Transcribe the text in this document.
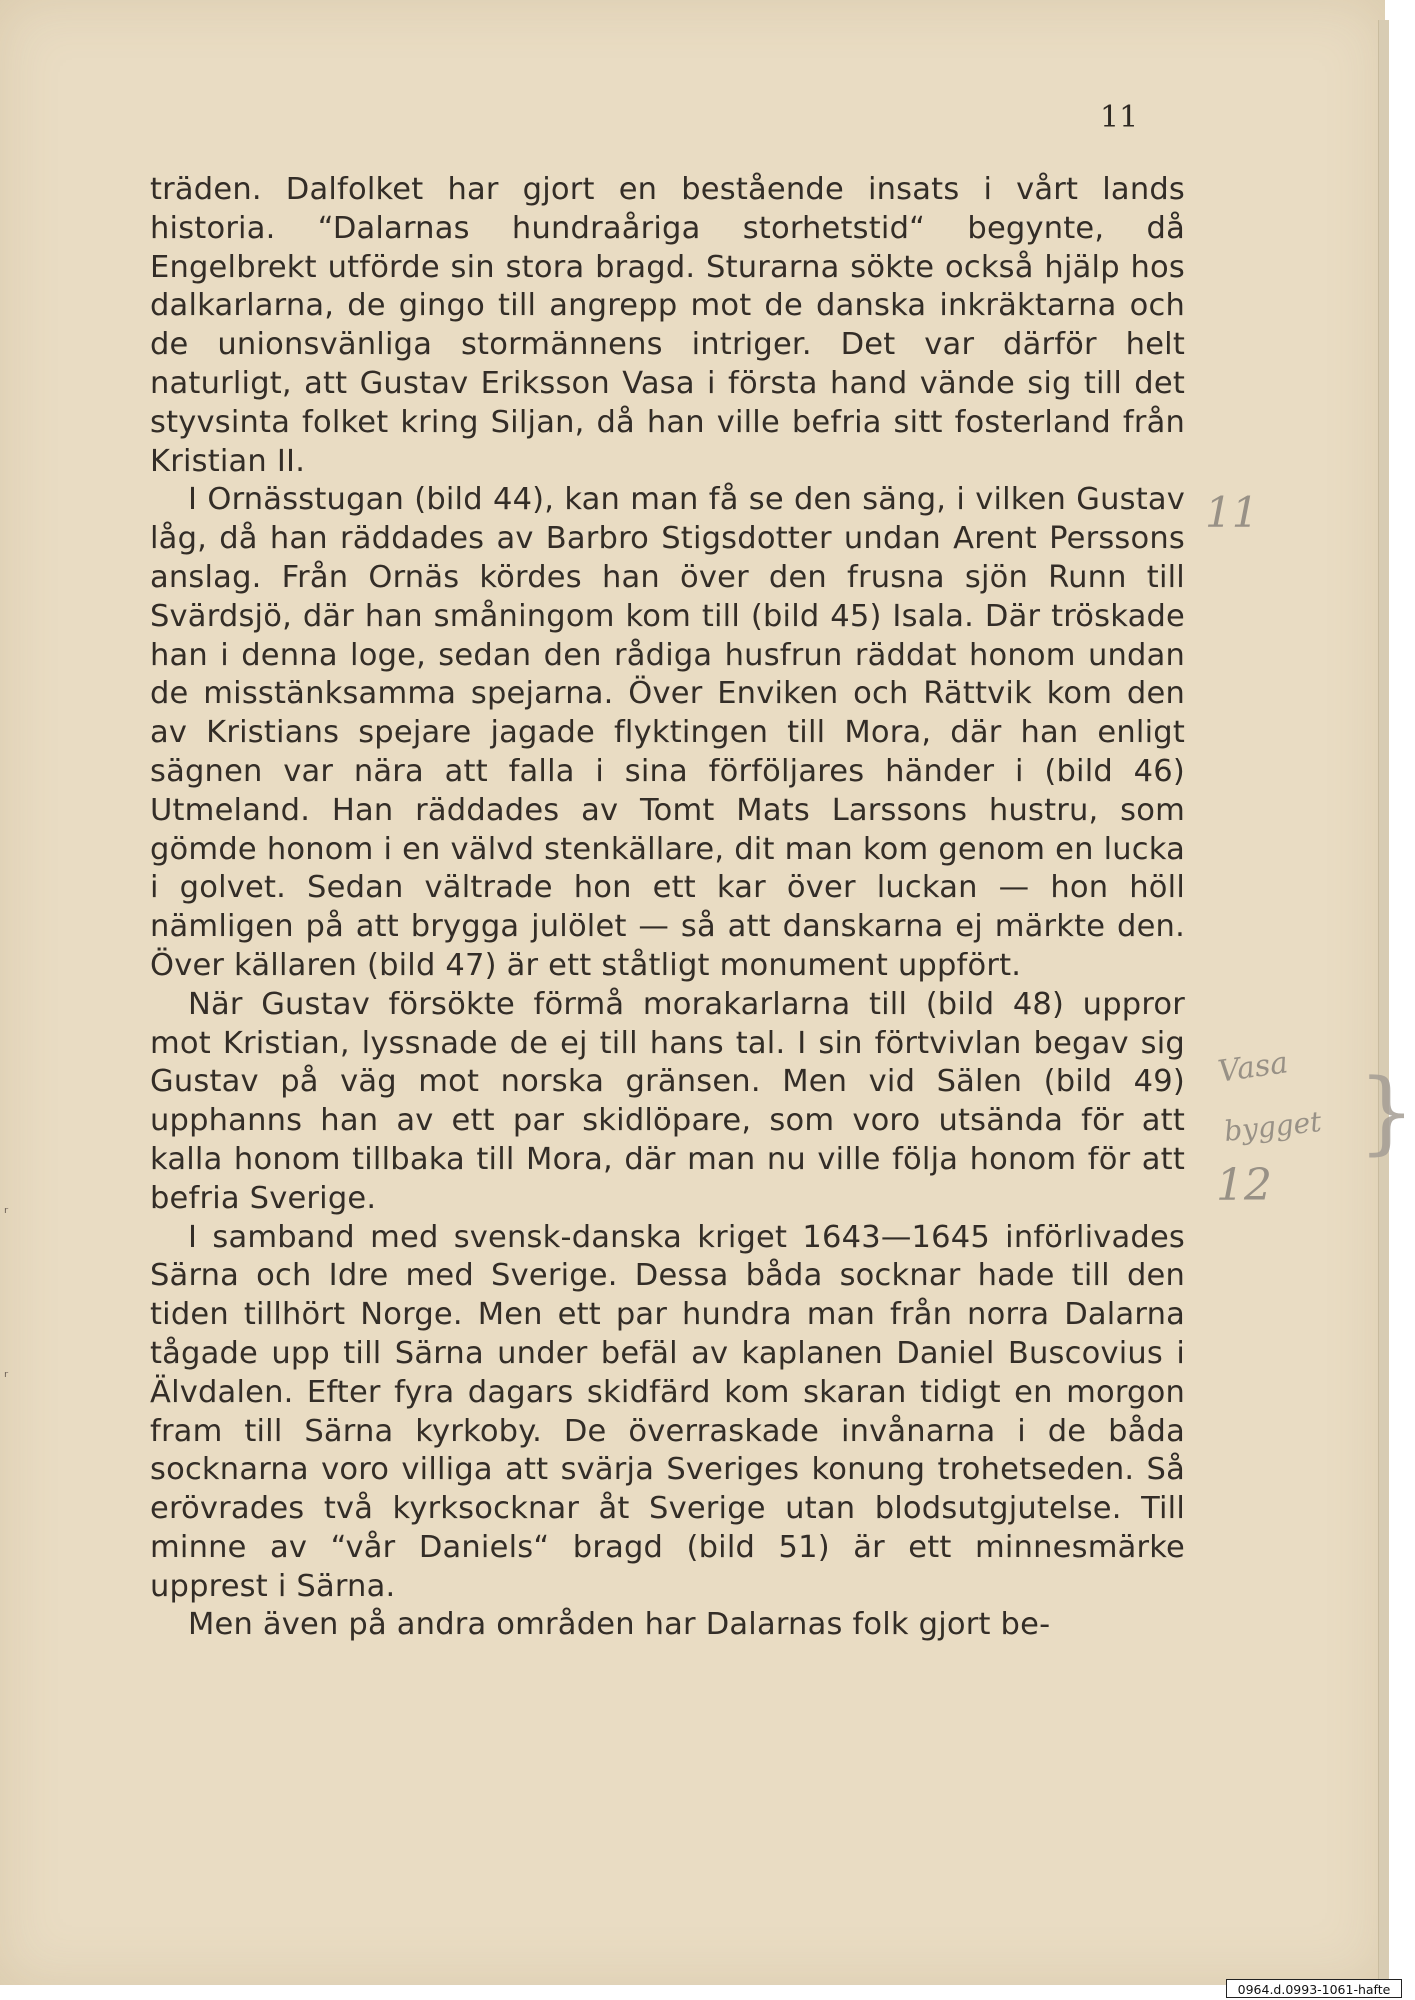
11

träden. Dalfolket har gjort en bestående insats i vårt lands historia. “Dalarnas hundraåriga storhetstid“ begynte, då Engelbrekt utförde sin stora bragd. Sturarna sökte också hjälp hos dalkarlarna, de gingo till angrepp mot de danska inkräktarna och de unionsvänliga stormännens intriger. Det var därför helt naturligt, att Gustav Eriksson Vasa i första hand vände sig till det styvsinta folket kring Siljan, då han ville befria sitt fosterland från Kristian II.

I Ornässtugan (bild 44), kan man få se den säng, i vilken Gustav låg, då han räddades av Barbro Stigsdotter undan Arent Perssons anslag. Från Ornäs kördes han över den frusna sjön Runn till Svärdsjö, där han småningom kom till (bild 45) Isala. Där tröskade han i denna loge, sedan den rådiga husfrun räddat honom undan de misstänksamma spejarna. Över Enviken och Rättvik kom den av Kristians spejare jagade flyktingen till Mora, där han enligt sägnen var nära att falla i sina förföljares händer i (bild 46) Utmeland. Han räddades av Tomt Mats Larssons hustru, som gömde honom i en välvd stenkällare, dit man kom genom en lucka i golvet. Sedan vältrade hon ett kar över luckan — hon höll nämligen på att brygga julölet — så att danskarna ej märkte den. Över källaren (bild 47) är ett ståtligt monument uppfört.

När Gustav försökte förmå morakarlarna till (bild 48) uppror mot Kristian, lyssnade de ej till hans tal. I sin förtvivlan begav sig Gustav på väg mot norska gränsen. Men vid Sälen (bild 49) upphanns han av ett par skidlöpare, som voro utsända för att kalla honom tillbaka till Mora, där man nu ville följa honom för att befria Sverige.

I samband med svensk-danska kriget 1643—1645 införlivades Särna och Idre med Sverige. Dessa båda socknar hade till den tiden tillhört Norge. Men ett par hundra man från norra Dalarna tågade upp till Särna under befäl av kaplanen Daniel Buscovius i Älvdalen. Efter fyra dagars skidfärd kom skaran tidigt en morgon fram till Särna kyrkoby. De överraskade invånarna i de båda socknarna voro villiga att svärja Sveriges konung trohetseden. Så erövrades två kyrksocknar åt Sverige utan blodsutgjutelse. Till minne av “vår Daniels“ bragd (bild 51) är ett minnesmärke upprest i Särna.

Men även på andra områden har Dalarnas folk gjort be-

11
Vasa
bygget
12
}
ᵣ
ᵣ
0964.d.0993-1061-hafte
